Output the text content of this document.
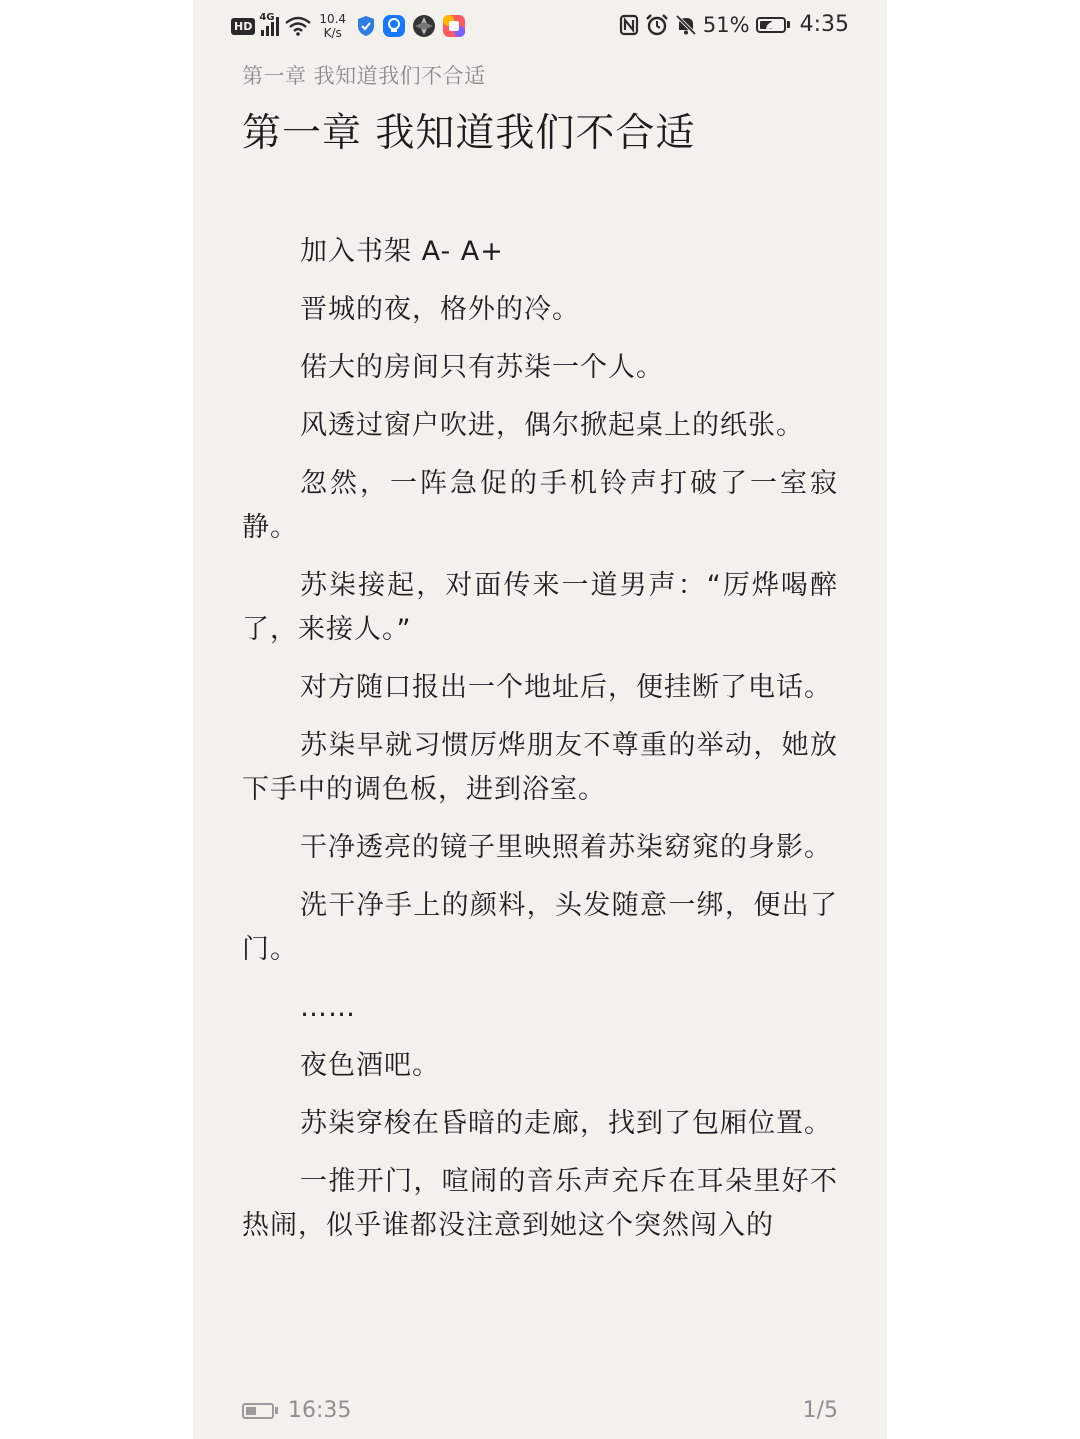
HD
4G	10.4
K/s	51% 4:35
第一章 我知道我们不合适
第一章 我知道我们不合适

加入书架 A- A+

晋城的夜，格外的冷。

偌大的房间只有苏柒一个人。

风透过窗户吹进，偶尔掀起桌上的纸张。

忽然，一阵急促的手机铃声打破了一室寂静。

苏柒接起，对面传来一道男声：“厉烨喝醉了，来接人。”

对方随口报出一个地址后，便挂断了电话。

苏柒早就习惯厉烨朋友不尊重的举动，她放下手中的调色板，进到浴室。

干净透亮的镜子里映照着苏柒窈窕的身影。

洗干净手上的颜料，头发随意一绑，便出了门。

……

夜色酒吧。

苏柒穿梭在昏暗的走廊，找到了包厢位置。

一推开门，喧闹的音乐声充斥在耳朵里好不热闹，似乎谁都没注意到她这个突然闯入的

16:35	1/5
